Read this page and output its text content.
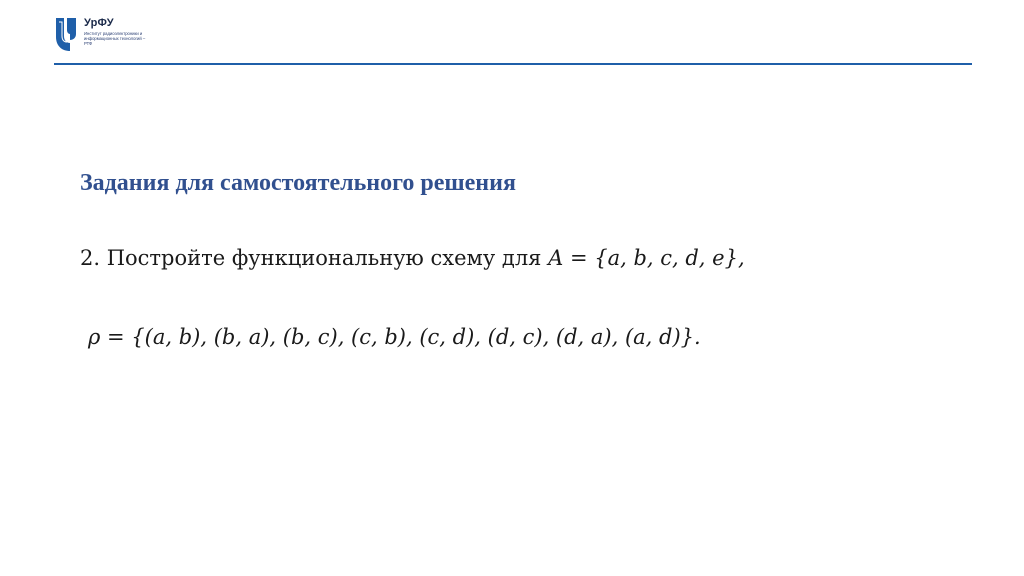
УрФУ
Институт радиоэлектроники и информационных технологий – РТФ
Задания для самостоятельного решения
2. Постройте функциональную схему для A = {a, b, c, d, e},
ρ = {(a, b), (b, a), (b, c), (c, b), (c, d), (d, c), (d, a), (a, d)}.
